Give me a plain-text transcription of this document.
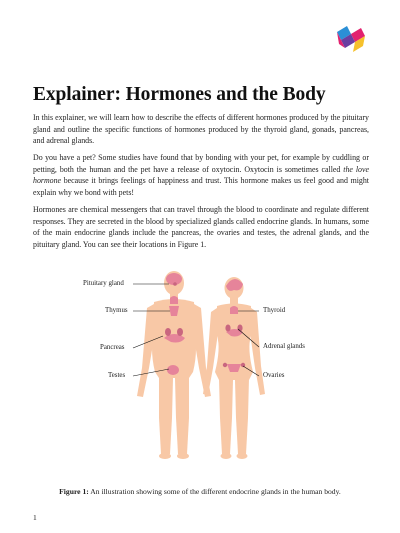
Explainer: Hormones and the Body

In this explainer, we will learn how to describe the effects of different hormones produced by the pituitary gland and outline the specific functions of hormones produced by the thyroid gland, gonads, pancreas, and adrenal glands.

Do you have a pet? Some studies have found that by bonding with your pet, for example by cuddling or petting, both the human and the pet have a release of oxytocin. Oxytocin is sometimes called the love hormone because it brings feelings of happiness and trust. This hormone makes us feel good and might explain why we bond with pets!

Hormones are chemical messengers that can travel through the blood to coordinate and regulate different responses. They are secreted in the blood by specialized glands called endocrine glands. In humans, some of the main endocrine glands include the pancreas, the ovaries and testes, the adrenal glands, and the pituitary gland. You can see their locations in Figure 1.

Pituitary gland
Thymus
Pancreas
Testes
Thyroid
Adrenal glands
Ovaries

Figure 1: An illustration showing some of the different endocrine glands in the human body.

1
